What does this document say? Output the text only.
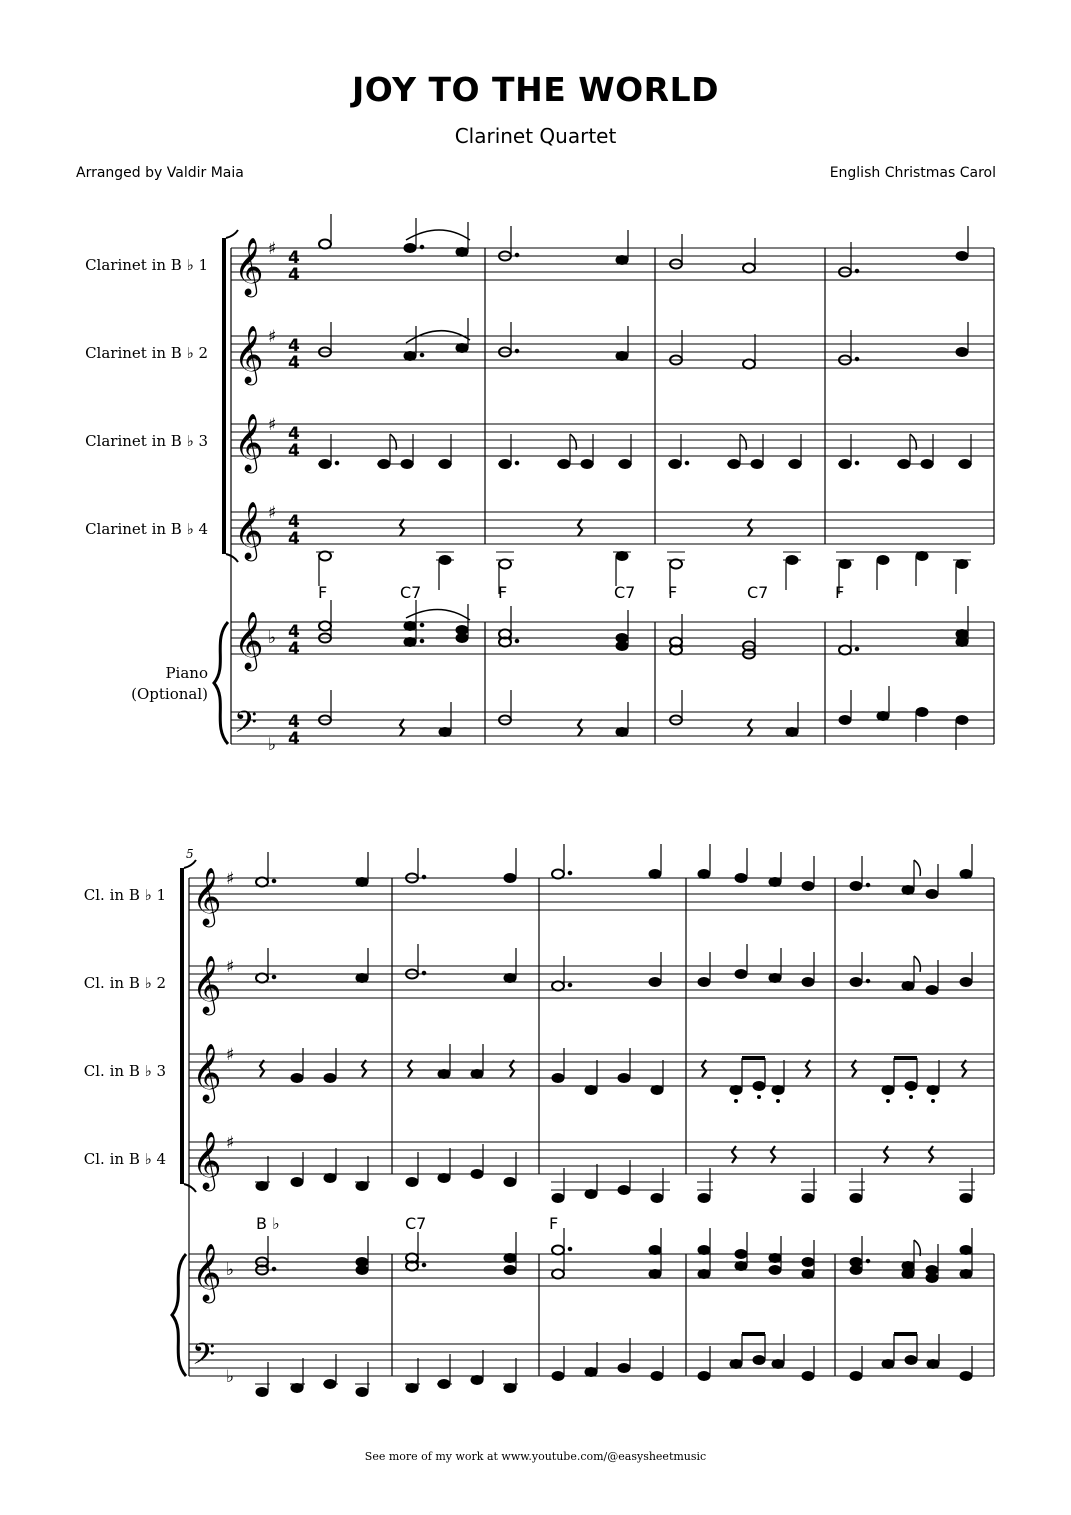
JOY TO THE WORLD
Clarinet Quartet
Arranged by Valdir Maia	English Christmas Carol
Clarinet in B ♭ 1
Clarinet in B ♭ 2
Clarinet in B ♭ 3
Clarinet in B ♭ 4
Piano
(Optional)
𝄞
𝄞
𝄞
𝄞
𝄞
𝄢
♯
♯
♯
♯
♭
♭
4
4
4
4
4
4
4
4
4
4
4
4
F	C7	F	C7 F	C7	F
5
Cl. in B ♭ 1
Cl. in B ♭ 2
Cl. in B ♭ 3
Cl. in B ♭ 4
𝄞
𝄞
𝄞
𝄞
𝄞
𝄢
♯
♯
♯
♯
♭
♭
B ♭	C7	F
See more of my work at www.youtube.com/@easysheetmusic
